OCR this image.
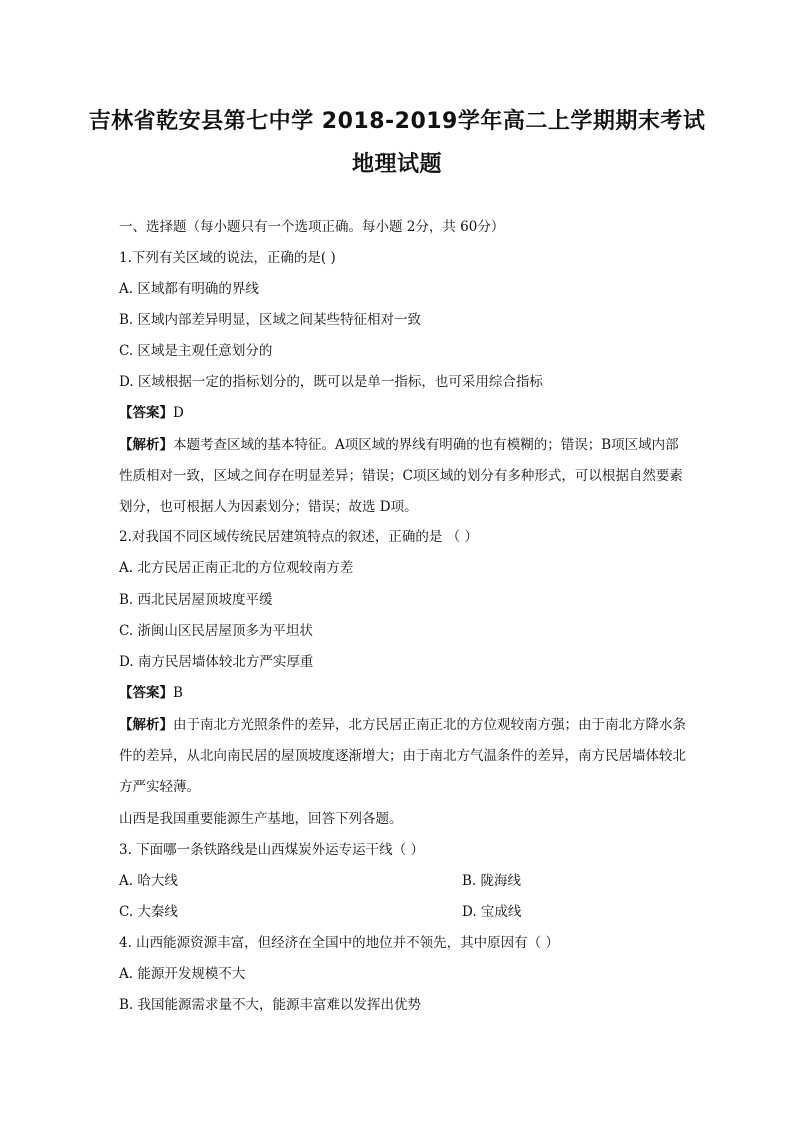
吉林省乾安县第七中学 2018-2019学年高二上学期期末考试
地理试题
一、选择题（每小题只有一个选项正确。每小题 2分，共 60分）
1.下列有关区域的说法，正确的是( )
A. 区域都有明确的界线
B. 区域内部差异明显，区域之间某些特征相对一致
C. 区域是主观任意划分的
D. 区域根据一定的指标划分的，既可以是单一指标，也可采用综合指标
【答案】D
【解析】本题考查区域的基本特征。A项区域的界线有明确的也有模糊的；错误；B项区域内部性质相对一致，区域之间存在明显差异；错误；C项区域的划分有多种形式，可以根据自然要素划分，也可根据人为因素划分；错误；故选 D项。
2.对我国不同区域传统民居建筑特点的叙述，正确的是 （ ）
A. 北方民居正南正北的方位观较南方差
B. 西北民居屋顶坡度平缓
C. 浙闽山区民居屋顶多为平坦状
D. 南方民居墙体较北方严实厚重
【答案】B
【解析】由于南北方光照条件的差异，北方民居正南正北的方位观较南方强；由于南北方降水条件的差异，从北向南民居的屋顶坡度逐渐增大；由于南北方气温条件的差异，南方民居墙体较北方严实轻薄。
山西是我国重要能源生产基地，回答下列各题。
3. 下面哪一条铁路线是山西煤炭外运专运干线（ ）
A. 哈大线	B. 陇海线
C. 大秦线	D. 宝成线
4. 山西能源资源丰富，但经济在全国中的地位并不领先，其中原因有（ ）
A. 能源开发规模不大
B. 我国能源需求量不大，能源丰富难以发挥出优势
